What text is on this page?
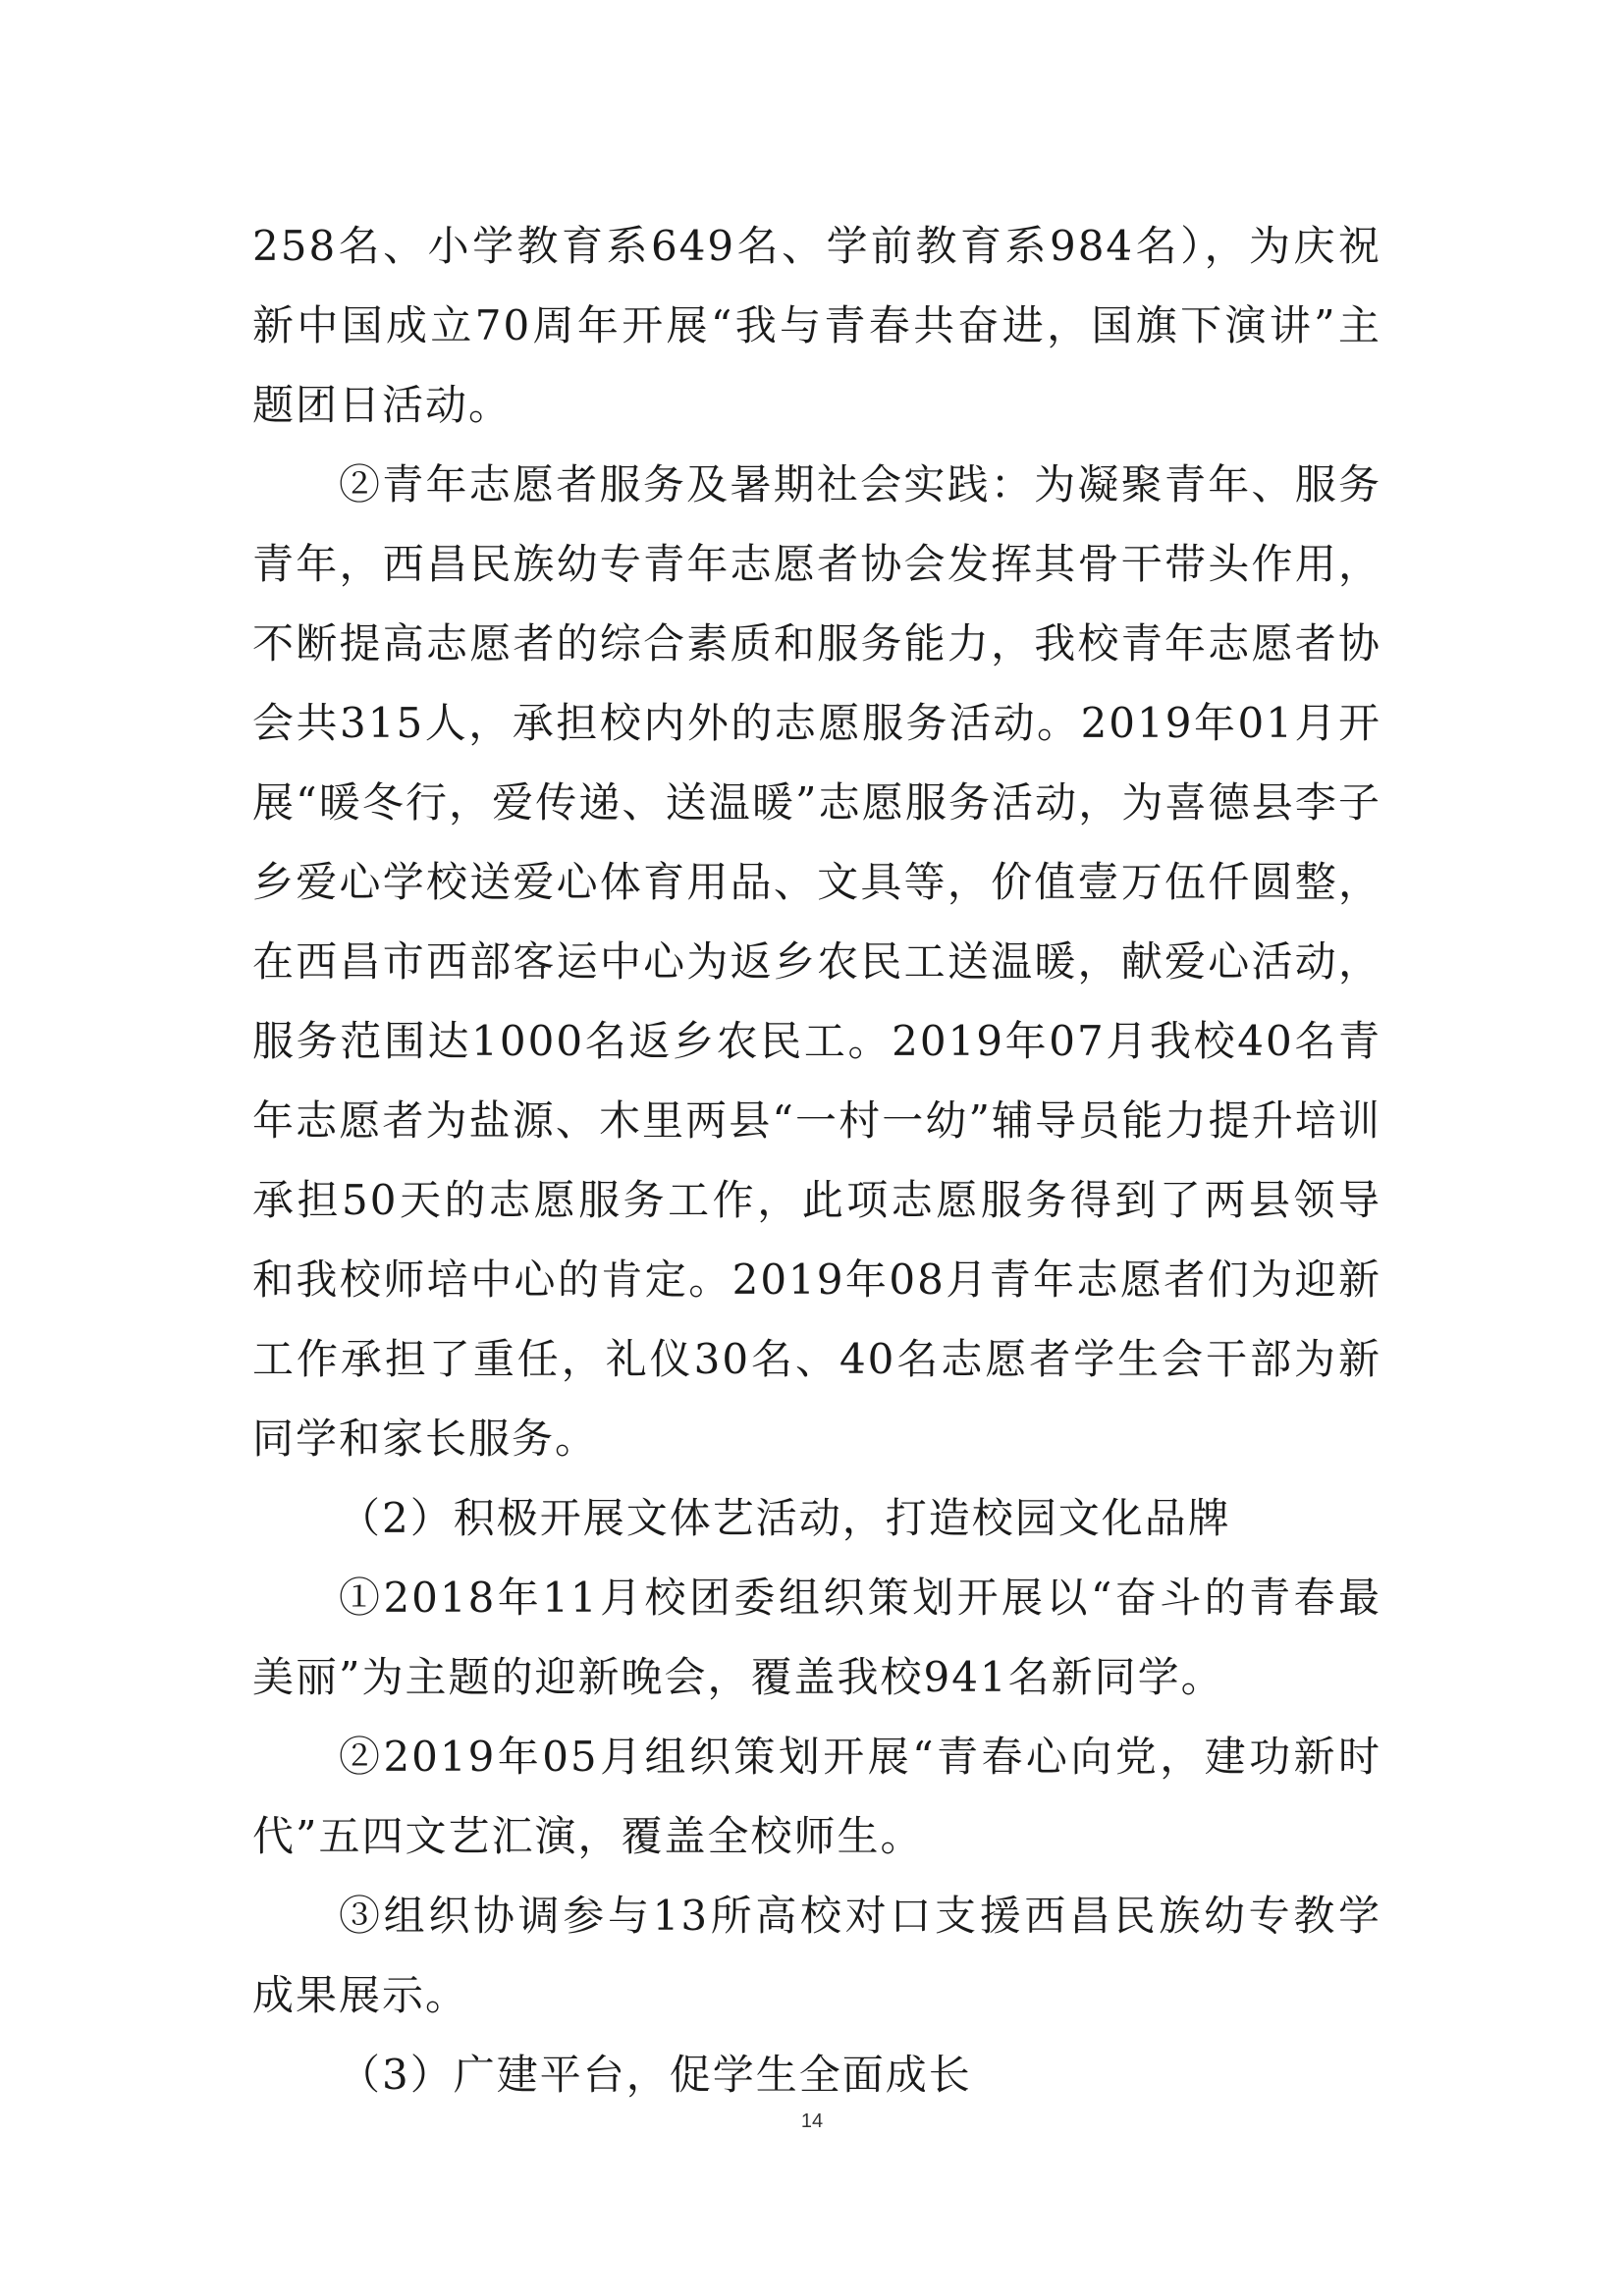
258名、小学教育系649名、学前教育系984名），为庆祝新中国成立70周年开展“我与青春共奋进，国旗下演讲”主题团日活动。

②青年志愿者服务及暑期社会实践：为凝聚青年、服务青年，西昌民族幼专青年志愿者协会发挥其骨干带头作用，不断提高志愿者的综合素质和服务能力，我校青年志愿者协会共315人，承担校内外的志愿服务活动。2019年01月开展“暖冬行，爱传递、送温暖”志愿服务活动，为喜德县李子乡爱心学校送爱心体育用品、文具等，价值壹万伍仟圆整，在西昌市西部客运中心为返乡农民工送温暖，献爱心活动，服务范围达1000名返乡农民工。2019年07月我校40名青年志愿者为盐源、木里两县“一村一幼”辅导员能力提升培训承担50天的志愿服务工作，此项志愿服务得到了两县领导和我校师培中心的肯定。2019年08月青年志愿者们为迎新工作承担了重任，礼仪30名、40名志愿者学生会干部为新同学和家长服务。

（2）积极开展文体艺活动，打造校园文化品牌

①2018年11月校团委组织策划开展以“奋斗的青春最美丽”为主题的迎新晚会，覆盖我校941名新同学。

②2019年05月组织策划开展“青春心向党，建功新时代”五四文艺汇演，覆盖全校师生。

③组织协调参与13所高校对口支援西昌民族幼专教学成果展示。

（3）广建平台，促学生全面成长

14
